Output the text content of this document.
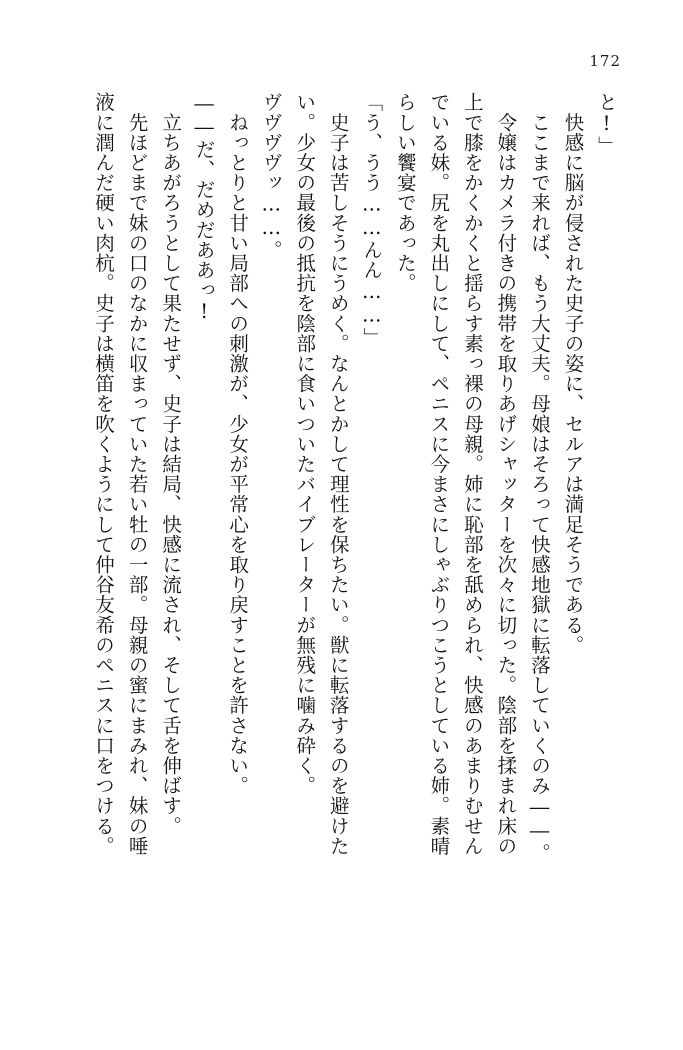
172

と!」

　快感に脳が侵された史子の姿に、セルアは満足そうである。

　ここまで来れば、もう大丈夫。母娘はそろって快感地獄に転落していくのみ――。

　令嬢はカメラ付きの携帯を取りあげシャッターを次々に切った。陰部を揉まれ床の

上で膝をかくかくと揺らす素っ裸の母親。姉に恥部を舐められ、快感のあまりむせん

でいる妹。尻を丸出しにして、ペニスに今まさにしゃぶりつこうとしている姉。素晴

らしい饗宴であった。

「う、うう……んん……」

　史子は苦しそうにうめく。なんとかして理性を保ちたい。獣に転落するのを避けた

い。少女の最後の抵抗を陰部に食いついたバイブレーターが無残に噛み砕く。

ヴヴヴヴッ……。

　ねっとりと甘い局部への刺激が、少女が平常心を取り戻すことを許さない。

――だ、だめだああっ!

　立ちあがろうとして果たせず、史子は結局、快感に流され、そして舌を伸ばす。

　先ほどまで妹の口のなかに収まっていた若い牡の一部。母親の蜜にまみれ、妹の唾

液に潤んだ硬い肉杭。史子は横笛を吹くようにして仲谷友希のペニスに口をつける。
